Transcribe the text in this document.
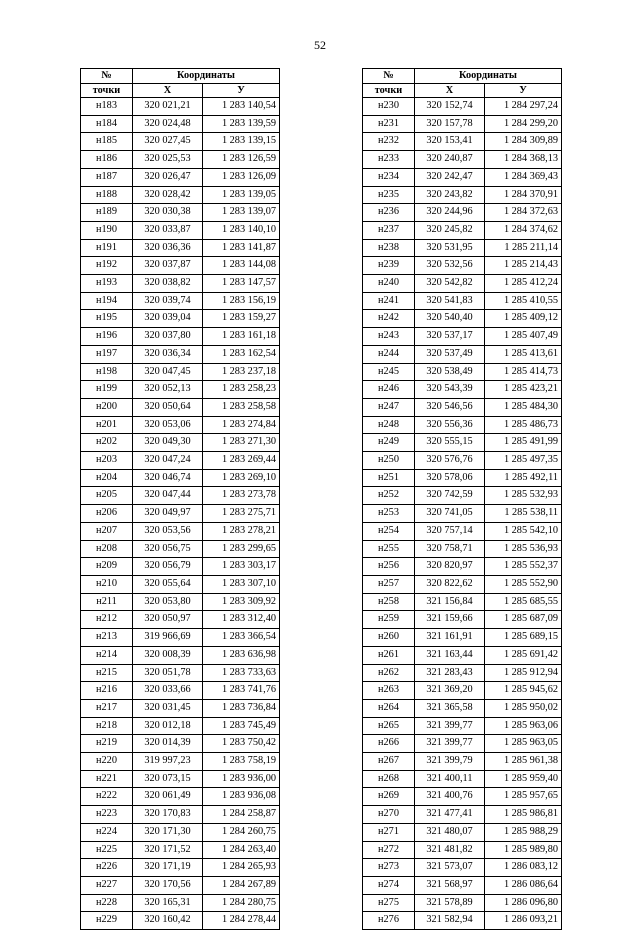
52
№	Координаты	
точки	X	У
н183	320 021,21	1 283 140,54
н184	320 024,48	1 283 139,59
н185	320 027,45	1 283 139,15
н186	320 025,53	1 283 126,59
н187	320 026,47	1 283 126,09
н188	320 028,42	1 283 139,05
н189	320 030,38	1 283 139,07
н190	320 033,87	1 283 140,10
н191	320 036,36	1 283 141,87
н192	320 037,87	1 283 144,08
н193	320 038,82	1 283 147,57
н194	320 039,74	1 283 156,19
н195	320 039,04	1 283 159,27
н196	320 037,80	1 283 161,18
н197	320 036,34	1 283 162,54
н198	320 047,45	1 283 237,18
н199	320 052,13	1 283 258,23
н200	320 050,64	1 283 258,58
н201	320 053,06	1 283 274,84
н202	320 049,30	1 283 271,30
н203	320 047,24	1 283 269,44
н204	320 046,74	1 283 269,10
н205	320 047,44	1 283 273,78
н206	320 049,97	1 283 275,71
н207	320 053,56	1 283 278,21
н208	320 056,75	1 283 299,65
н209	320 056,79	1 283 303,17
н210	320 055,64	1 283 307,10
н211	320 053,80	1 283 309,92
н212	320 050,97	1 283 312,40
н213	319 966,69	1 283 366,54
н214	320 008,39	1 283 636,98
н215	320 051,78	1 283 733,63
н216	320 033,66	1 283 741,76
н217	320 031,45	1 283 736,84
н218	320 012,18	1 283 745,49
н219	320 014,39	1 283 750,42
н220	319 997,23	1 283 758,19
н221	320 073,15	1 283 936,00
н222	320 061,49	1 283 936,08
н223	320 170,83	1 284 258,87
н224	320 171,30	1 284 260,75
н225	320 171,52	1 284 263,40
н226	320 171,19	1 284 265,93
н227	320 170,56	1 284 267,89
н228	320 165,31	1 284 280,75
н229	320 160,42	1 284 278,44
№	Координаты	
точки	X	У
н230	320 152,74	1 284 297,24
н231	320 157,78	1 284 299,20
н232	320 153,41	1 284 309,89
н233	320 240,87	1 284 368,13
н234	320 242,47	1 284 369,43
н235	320 243,82	1 284 370,91
н236	320 244,96	1 284 372,63
н237	320 245,82	1 284 374,62
н238	320 531,95	1 285 211,14
н239	320 532,56	1 285 214,43
н240	320 542,82	1 285 412,24
н241	320 541,83	1 285 410,55
н242	320 540,40	1 285 409,12
н243	320 537,17	1 285 407,49
н244	320 537,49	1 285 413,61
н245	320 538,49	1 285 414,73
н246	320 543,39	1 285 423,21
н247	320 546,56	1 285 484,30
н248	320 556,36	1 285 486,73
н249	320 555,15	1 285 491,99
н250	320 576,76	1 285 497,35
н251	320 578,06	1 285 492,11
н252	320 742,59	1 285 532,93
н253	320 741,05	1 285 538,11
н254	320 757,14	1 285 542,10
н255	320 758,71	1 285 536,93
н256	320 820,97	1 285 552,37
н257	320 822,62	1 285 552,90
н258	321 156,84	1 285 685,55
н259	321 159,66	1 285 687,09
н260	321 161,91	1 285 689,15
н261	321 163,44	1 285 691,42
н262	321 283,43	1 285 912,94
н263	321 369,20	1 285 945,62
н264	321 365,58	1 285 950,02
н265	321 399,77	1 285 963,06
н266	321 399,77	1 285 963,05
н267	321 399,79	1 285 961,38
н268	321 400,11	1 285 959,40
н269	321 400,76	1 285 957,65
н270	321 477,41	1 285 986,81
н271	321 480,07	1 285 988,29
н272	321 481,82	1 285 989,80
н273	321 573,07	1 286 083,12
н274	321 568,97	1 286 086,64
н275	321 578,89	1 286 096,80
н276	321 582,94	1 286 093,21
